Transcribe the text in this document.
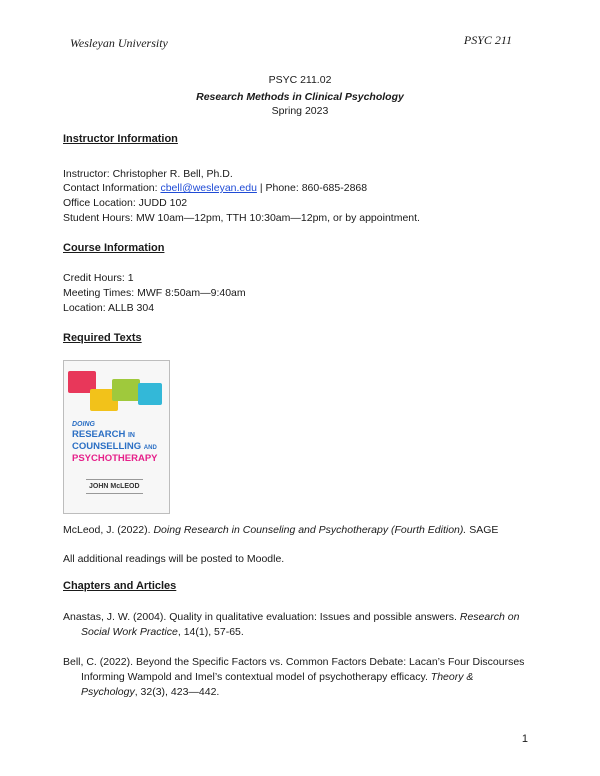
Wesleyan University	PSYC 211
PSYC 211.02
Research Methods in Clinical Psychology
Spring 2023
Instructor Information
Instructor: Christopher R. Bell, Ph.D.
Contact Information: cbell@wesleyan.edu | Phone: 860-685-2868
Office Location: JUDD 102
Student Hours: MW 10am—12pm, TTH 10:30am—12pm, or by appointment.
Course Information
Credit Hours: 1
Meeting Times: MWF 8:50am—9:40am
Location: ALLB 304
Required Texts
DOING
RESEARCH IN
COUNSELLING AND
PSYCHOTHERAPY
JOHN McLEOD
McLeod, J. (2022). Doing Research in Counseling and Psychotherapy (Fourth Edition). SAGE
All additional readings will be posted to Moodle.
Chapters and Articles
Anastas, J. W. (2004). Quality in qualitative evaluation: Issues and possible answers. Research on
Social Work Practice, 14(1), 57-65.
Bell, C. (2022). Beyond the Specific Factors vs. Common Factors Debate: Lacan’s Four Discourses
Informing Wampold and Imel’s contextual model of psychotherapy efficacy. Theory &
Psychology, 32(3), 423—442.
1
